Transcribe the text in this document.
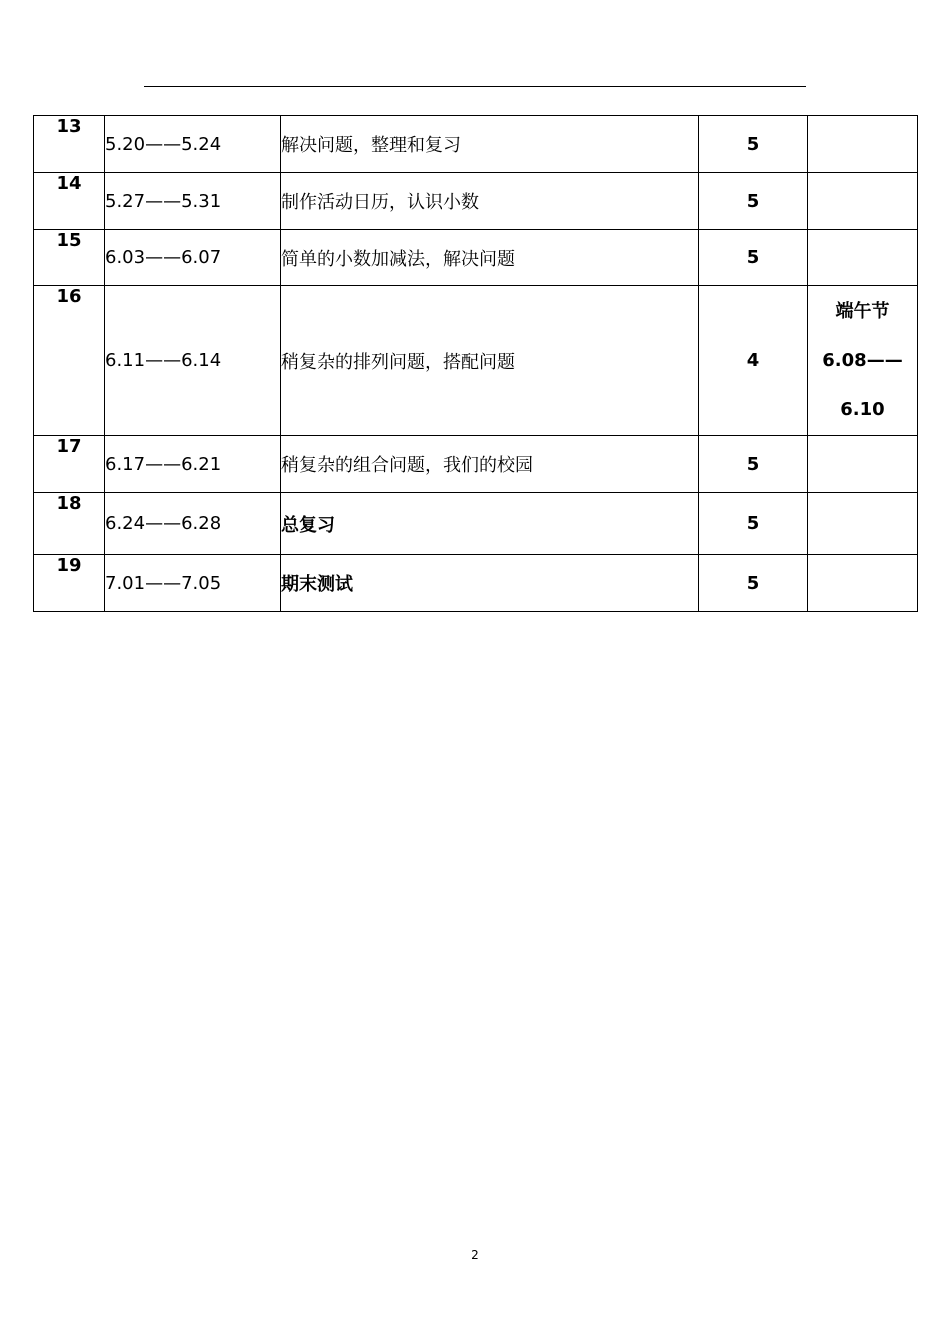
13	5.20——5.24	解决问题，整理和复习	5	
14	5.27——5.31	制作活动日历，认识小数	5	
15	6.03——6.07	简单的小数加减法，解决问题	5	
16	6.11——6.14	稍复杂的排列问题，搭配问题	4	端午节
6.08——
6.10

17	6.17——6.21	稍复杂的组合问题，我们的校园	5	
18	6.24——6.28	总复习	5	
19	7.01——7.05	期末测试	5	
2
